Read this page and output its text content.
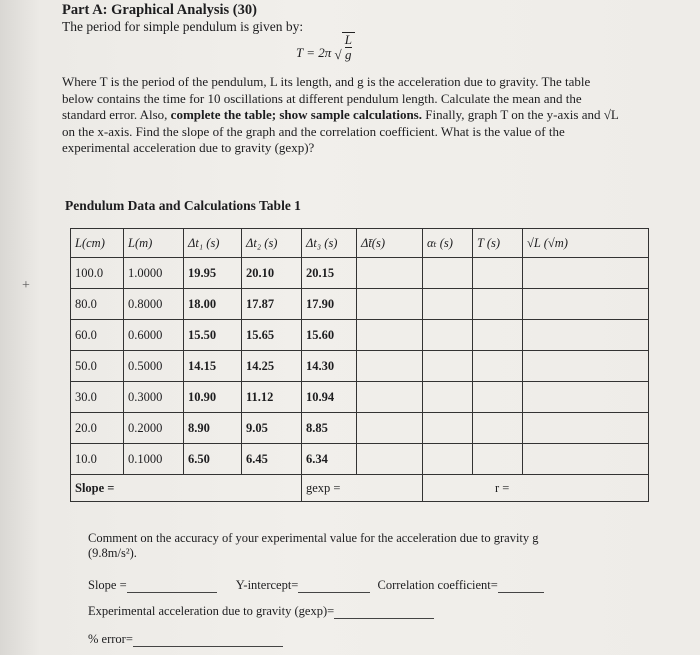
+
Part A: Graphical Analysis (30)
The period for simple pendulum is given by:
T = 2π √ $\frac{L}{g}$
Where T is the period of the pendulum, L its length, and g is the acceleration due to gravity. The table below contains the time for 10 oscillations at different pendulum length. Calculate the mean and the standard error. Also, complete the table; show sample calculations. Finally, graph T on the y-axis and √L on the x-axis. Find the slope of the graph and the correlation coefficient. What is the value of the experimental acceleration due to gravity (gexp)?
Pendulum Data and Calculations Table 1
L(cm)	L(m)	Δt₁ (s)	Δt₂ (s)	Δt₃ (s)	Δt̄(s)	αₜ (s)	T (s)	√L (√m)
100.0	1.0000	19.95	20.10	20.15				
80.0	0.8000	18.00	17.87	17.90				
60.0	0.6000	15.50	15.65	15.60				
50.0	0.5000	14.15	14.25	14.30				
30.0	0.3000	10.90	11.12	10.94				
20.0	0.2000	8.90	9.05	8.85				
10.0	0.1000	6.50	6.45	6.34				
Slope =				gexp =		r =		
Comment on the accuracy of your experimental value for the acceleration due to gravity g (9.8m/s²).
Slope =	Y-intercept=	Correlation coefficient=
Experimental acceleration due to gravity (gexp)=
% error=
